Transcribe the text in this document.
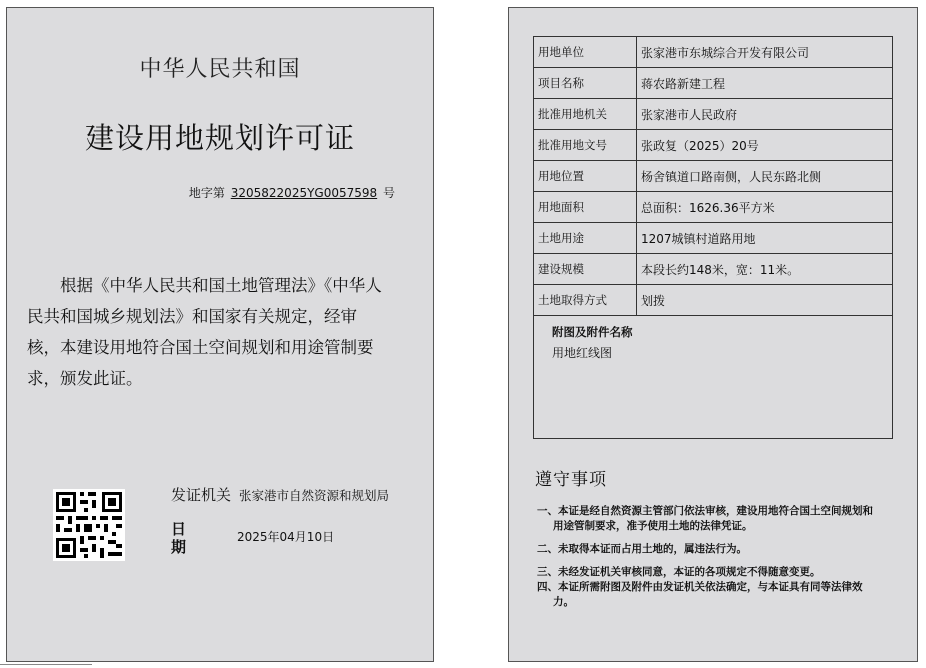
中华人民共和国
建设用地规划许可证
地字第 3205822025YG0057598 号
根据《中华人民共和国土地管理法》《中华人民共和国城乡规划法》和国家有关规定，经审核，本建设用地符合国土空间规划和用途管制要求，颁发此证。
发证机关 张家港市自然资源和规划局
日期
2025年04月10日
用地单位	张家港市东城综合开发有限公司
项目名称	蒋农路新建工程
批准用地机关	张家港市人民政府
批准用地文号	张政复（2025）20号
用地位置	杨舍镇道口路南侧，人民东路北侧
用地面积	总面积：1626.36平方米
土地用途	1207城镇村道路用地
建设规模	本段长约148米，宽：11米。
土地取得方式	划拨

附图及附件名称
用地红线图	
遵守事项
一、本证是经自然资源主管部门依法审核，建设用地符合国土空间规划和用途管制要求，准予使用土地的法律凭证。
二、未取得本证而占用土地的，属违法行为。
三、未经发证机关审核同意，本证的各项规定不得随意变更。
四、本证所需附图及附件由发证机关依法确定，与本证具有同等法律效力。
